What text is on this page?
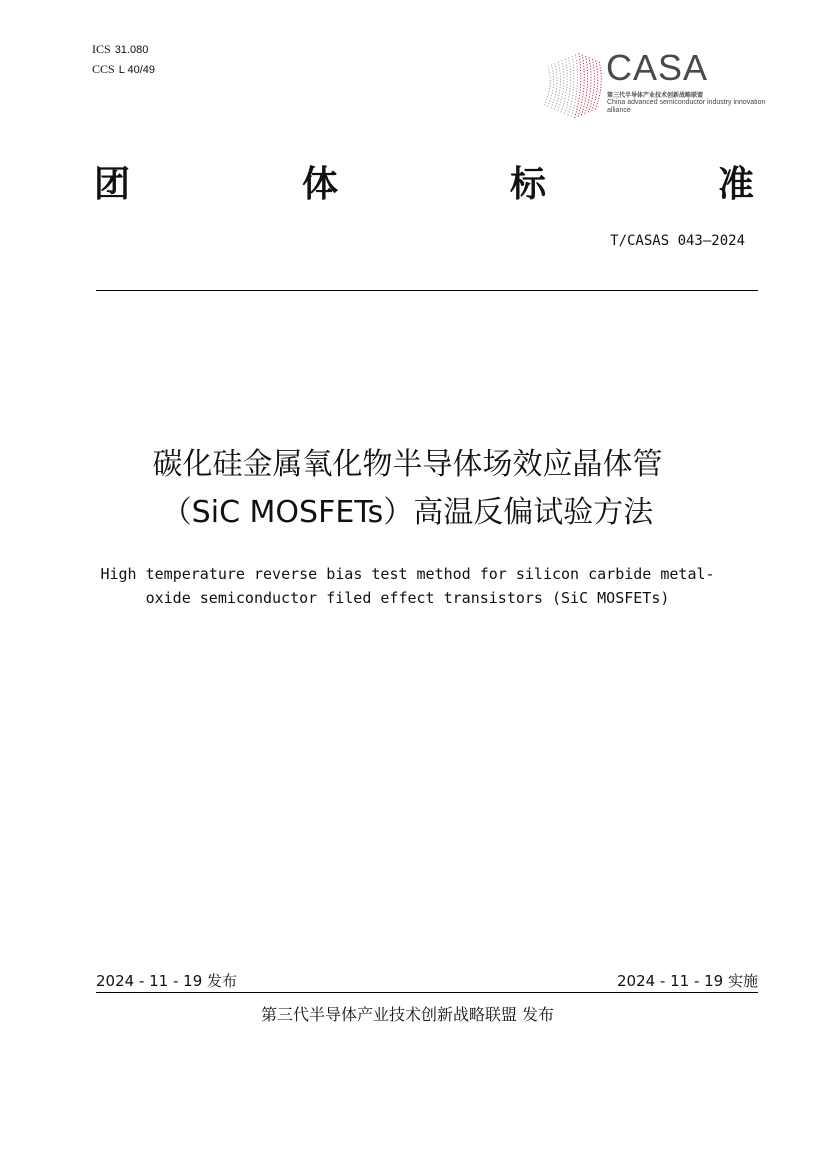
ICS 31.080
CCS L 40/49	CASA
第三代半导体产业技术创新战略联盟
China advanced semiconductor industry innovation alliance
团	体	标	准
T/CASAS 043—2024
碳化硅金属氧化物半导体场效应晶体管
（SiC MOSFETs）高温反偏试验方法
High temperature reverse bias test method for silicon carbide metal-
oxide semiconductor filed effect transistors (SiC MOSFETs)
2024 - 11 - 19 发布	2024 - 11 - 19 实施
第三代半导体产业技术创新战略联盟 发布
